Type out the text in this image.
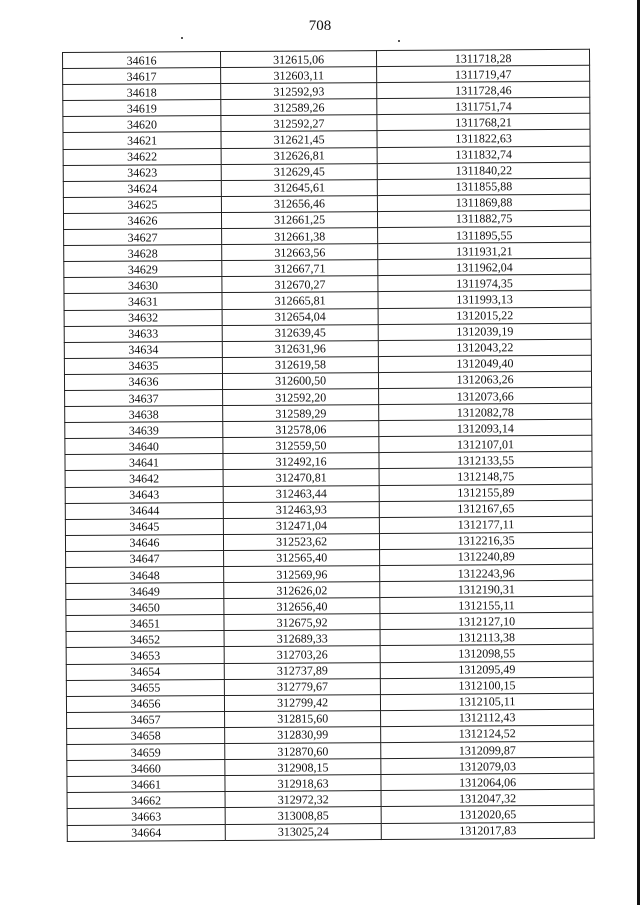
708
34616	312615,06	1311718,28
34617	312603,11	1311719,47
34618	312592,93	1311728,46
34619	312589,26	1311751,74
34620	312592,27	1311768,21
34621	312621,45	1311822,63
34622	312626,81	1311832,74
34623	312629,45	1311840,22
34624	312645,61	1311855,88
34625	312656,46	1311869,88
34626	312661,25	1311882,75
34627	312661,38	1311895,55
34628	312663,56	1311931,21
34629	312667,71	1311962,04
34630	312670,27	1311974,35
34631	312665,81	1311993,13
34632	312654,04	1312015,22
34633	312639,45	1312039,19
34634	312631,96	1312043,22
34635	312619,58	1312049,40
34636	312600,50	1312063,26
34637	312592,20	1312073,66
34638	312589,29	1312082,78
34639	312578,06	1312093,14
34640	312559,50	1312107,01
34641	312492,16	1312133,55
34642	312470,81	1312148,75
34643	312463,44	1312155,89
34644	312463,93	1312167,65
34645	312471,04	1312177,11
34646	312523,62	1312216,35
34647	312565,40	1312240,89
34648	312569,96	1312243,96
34649	312626,02	1312190,31
34650	312656,40	1312155,11
34651	312675,92	1312127,10
34652	312689,33	1312113,38
34653	312703,26	1312098,55
34654	312737,89	1312095,49
34655	312779,67	1312100,15
34656	312799,42	1312105,11
34657	312815,60	1312112,43
34658	312830,99	1312124,52
34659	312870,60	1312099,87
34660	312908,15	1312079,03
34661	312918,63	1312064,06
34662	312972,32	1312047,32
34663	313008,85	1312020,65
34664	313025,24	1312017,83
